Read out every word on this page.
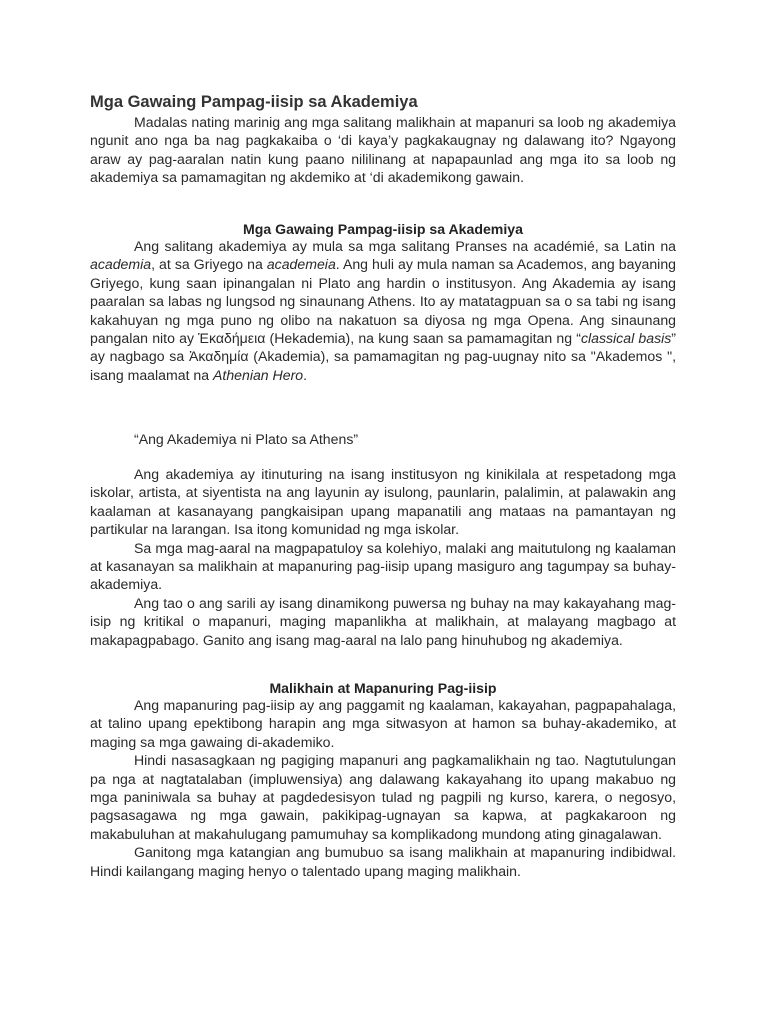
Mga Gawaing Pampag-iisip sa Akademiya

Madalas nating marinig ang mga salitang malikhain at mapanuri sa loob ng akademiya ngunit ano nga ba nag pagkakaiba o ‘di kaya’y pagkakaugnay ng dalawang ito? Ngayong araw ay pag-aaralan natin kung paano nililinang at napapaunlad ang mga ito sa loob ng akademiya sa pamamagitan ng akdemiko at ‘di akademikong gawain.

Mga Gawaing Pampag-iisip sa Akademiya

Ang salitang akademiya ay mula sa mga salitang Pranses na académié, sa Latin na academia, at sa Griyego na academeia. Ang huli ay mula naman sa Academos, ang bayaning Griyego, kung saan ipinangalan ni Plato ang hardin o institusyon. Ang Akademia ay isang paaralan sa labas ng lungsod ng sinaunang Athens. Ito ay matatagpuan sa o sa tabi ng isang kakahuyan ng mga puno ng olibo na nakatuon sa diyosa ng mga Opena. Ang sinaunang pangalan nito ay Ἑκαδήμεια (Hekademia), na kung saan sa pamamagitan ng “classical basis” ay nagbago sa Ἀκαδημία (Akademia), sa pamamagitan ng pag-uugnay nito sa "Akademos ", isang maalamat na Athenian Hero.

“Ang Akademiya ni Plato sa Athens”

Ang akademiya ay itinuturing na isang institusyon ng kinikilala at respetadong mga iskolar, artista, at siyentista na ang layunin ay isulong, paunlarin, palalimin, at palawakin ang kaalaman at kasanayang pangkaisipan upang mapanatili ang mataas na pamantayan ng partikular na larangan. Isa itong komunidad ng mga iskolar.

Sa mga mag-aaral na magpapatuloy sa kolehiyo, malaki ang maitutulong ng kaalaman at kasanayan sa malikhain at mapanuring pag-iisip upang masiguro ang tagumpay sa buhay-akademiya.

Ang tao o ang sarili ay isang dinamikong puwersa ng buhay na may kakayahang mag-isip ng kritikal o mapanuri, maging mapanlikha at malikhain, at malayang magbago at makapagpabago. Ganito ang isang mag-aaral na lalo pang hinuhubog ng akademiya.

Malikhain at Mapanuring Pag-iisip

Ang mapanuring pag-iisip ay ang paggamit ng kaalaman, kakayahan, pagpapahalaga, at talino upang epektibong harapin ang mga sitwasyon at hamon sa buhay-akademiko, at maging sa mga gawaing di-akademiko.

Hindi nasasagkaan ng pagiging mapanuri ang pagkamalikhain ng tao. Nagtutulungan pa nga at nagtatalaban (impluwensiya) ang dalawang kakayahang ito upang makabuo ng mga paniniwala sa buhay at pagdedesisyon tulad ng pagpili ng kurso, karera, o negosyo, pagsasagawa ng mga gawain, pakikipag-ugnayan sa kapwa, at pagkakaroon ng makabuluhan at makahulugang pamumuhay sa komplikadong mundong ating ginagalawan.

Ganitong mga katangian ang bumubuo sa isang malikhain at mapanuring indibidwal. Hindi kailangang maging henyo o talentado upang maging malikhain.
